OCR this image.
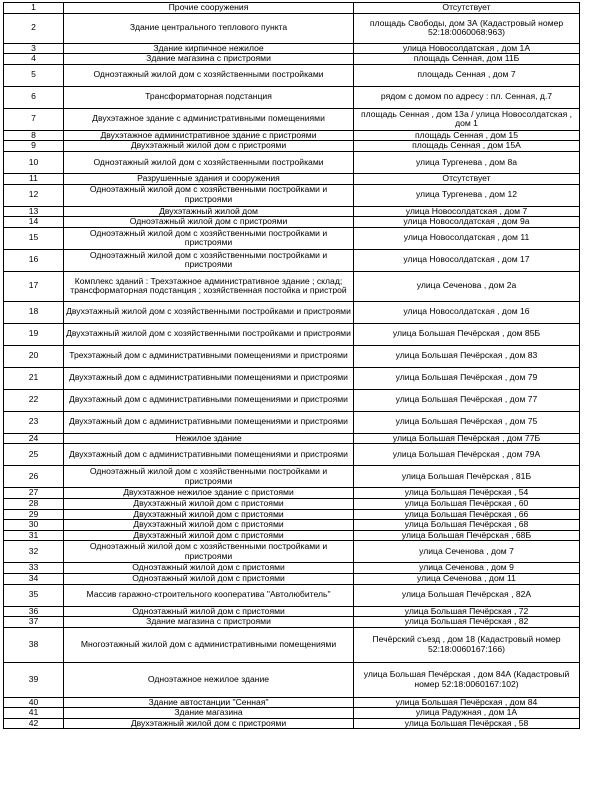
1	Прочие сооружения	Отсутствует
2	Здание центрального теплового пункта	площадь Свободы, дом 3А (Кадастровый номер 52:18:0060068:963)
3	Здание кирпичное нежилое	улица Новосолдатская , дом 1А
4	Здание магазина с пристроями	площадь Сенная, дом 11Б
5	Одноэтажный жилой дом с хозяйственными постройками	площадь Сенная , дом 7
6	Трансформаторная подстанция	рядом с домом по адресу : пл. Сенная, д.7
7	Двухэтажное здание с административными помещениями	площадь Сенная , дом 13а / улица Новосолдатская , дом 1
8	Двухэтажное административное здание с пристроями	площадь Сенная , дом 15
9	Двухэтажный жилой дом с пристроями	площадь Сенная , дом 15А
10	Одноэтажный жилой дом с хозяйственными постройками	улица Тургенева , дом 8а
11	Разрушенные здания и сооружения	Отсутствует
12	Одноэтажный жилой дом с хозяйственными постройками и пристроями	улица Тургенева , дом 12
13	Двухэтажный жилой дом	улица Новосолдатская , дом 7
14	Одноэтажный жилой дом с пристроями	улица Новосолдатская , дом 9а
15	Одноэтажный жилой дом с хозяйственными постройками и пристроями	улица Новосолдатская , дом 11
16	Одноэтажный жилой дом с хозяйственными постройками и пристроями	улица Новосолдатская , дом 17
17	Комплекс зданий : Трехэтажное административное здание ; склад; трансформаторная подстанция ; хозяйственная постойка и пристрой	улица Сеченова , дом 2а
18	Двухэтажный жилой дом с хозяйственными постройками и пристроями	улица Новосолдатская , дом 16
19	Двухэтажный жилой дом с хозяйственными постройками и пристроями	улица Большая Печёрская , дом 85Б
20	Трехэтажный дом с административными помещениями и пристроями	улица Большая Печёрская , дом 83
21	Двухэтажный дом с административными помещениями и пристроями	улица Большая Печёрская , дом 79
22	Двухэтажный дом с административными помещениями и пристроями	улица Большая Печёрская , дом 77
23	Двухэтажный дом с административными помещениями и пристроями	улица Большая Печёрская , дом 75
24	Нежилое здание	улица Большая Печёрская , дом 77Б
25	Двухэтажный дом с административными помещениями и пристроями	улица Большая Печёрская , дом 79А
26	Одноэтажный жилой дом с хозяйственными постройками и пристроями	улица Большая Печёрская , 81Б
27	Двухэтажное нежилое здание с пристоями	улица Большая Печёрская , 54
28	Двухэтажный жилой дом с пристоями	улица Большая Печёрская , 60
29	Двухэтажный жилой дом с пристоями	улица Большая Печёрская , 66
30	Двухэтажный жилой дом с пристоями	улица Большая Печёрская , 68
31	Двухэтажный жилой дом с пристоями	улица Большая Печёрская , 68Б
32	Одноэтажный жилой дом с хозяйственными постройками и пристроями	улица Сеченова , дом 7
33	Одноэтажный жилой дом с пристоями	улица Сеченова , дом 9
34	Одноэтажный жилой дом с пристоями	улица Сеченова , дом 11
35	Массив гаражно-строительного кооператива "Автолюбитель"	улица Большая Печёрская , 82А
36	Одноэтажный жилой дом с пристоями	улица Большая Печёрская , 72
37	Здание магазина с пристроями	улица Большая Печёрская , 82
38	Многоэтажный жилой дом с административными помещениями	Печёрский съезд , дом 18 (Кадастровый номер 52:18:0060167:166)
39	Одноэтажное нежилое здание	улица Большая Печёрская , дом 84А (Кадастровый номер 52:18:0060167:102)
40	Здание автостанции "Сенная"	улица Большая Печёрская , дом 84
41	Здание магазина	улица Радужная , дом 1А
42	Двухэтажный жилой дом с пристроями	улица Большая Печёрская , 58
